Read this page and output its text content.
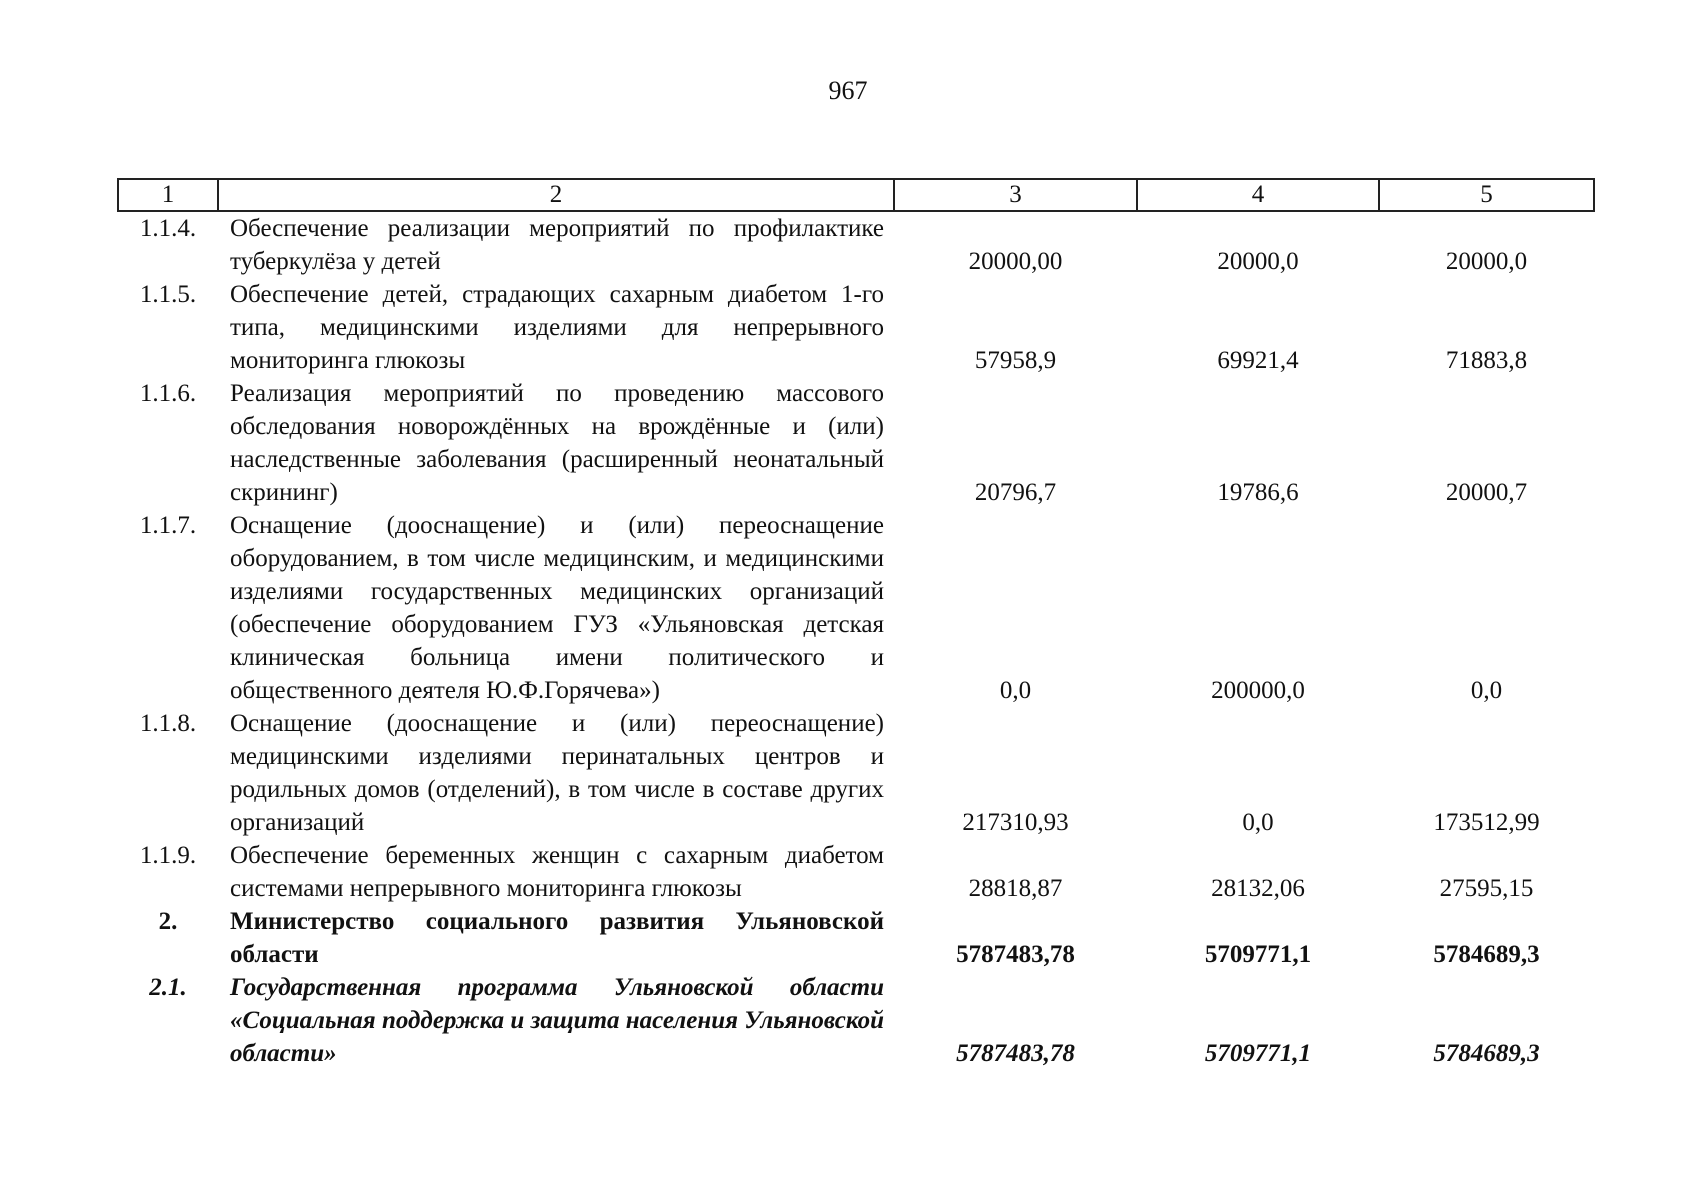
967
1	2	3	4	5
1.1.4.	Обеспечение реализации мероприятий по профилактике туберкулёза у детей	20000,00	20000,0	20000,0
1.1.5.	Обеспечение детей, страдающих сахарным диабетом 1-го типа, медицинскими изделиями для непрерывного мониторинга глюкозы	57958,9	69921,4	71883,8
1.1.6.	Реализация мероприятий по проведению массового обследования новорождённых на врождённые и (или) наследственные заболевания (расширенный неонатальный скрининг)	20796,7	19786,6	20000,7
1.1.7.	Оснащение (дооснащение) и (или) переоснащение оборудованием, в том числе медицинским, и медицинскими изделиями государственных медицинских организаций (обеспечение оборудованием ГУЗ «Ульяновская детская клиническая больница имени политического и общественного деятеля Ю.Ф.Горячева»)	0,0	200000,0	0,0
1.1.8.	Оснащение (дооснащение и (или) переоснащение) медицинскими изделиями перинатальных центров и родильных домов (отделений), в том числе в составе других организаций	217310,93	0,0	173512,99
1.1.9.	Обеспечение беременных женщин с сахарным диабетом системами непрерывного мониторинга глюкозы	28818,87	28132,06	27595,15
2.	Министерство социального развития Ульяновской области	5787483,78	5709771,1	5784689,3
2.1.	Государственная программа Ульяновской области «Социальная поддержка и защита населения Ульяновской области»	5787483,78	5709771,1	5784689,3
